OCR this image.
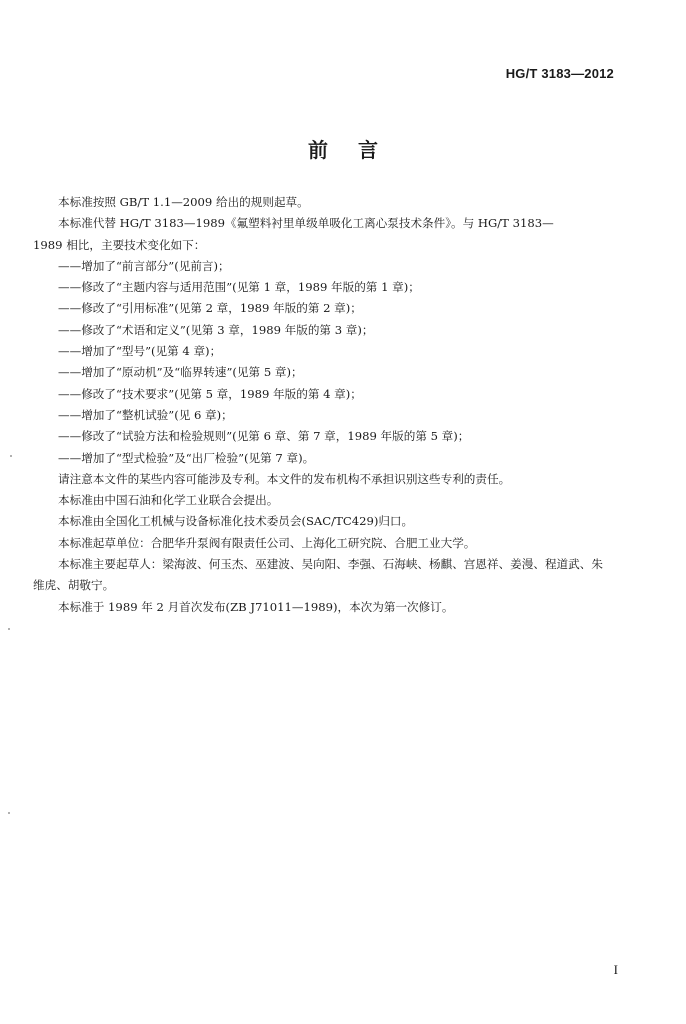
HG/T 3183—2012
前言

本标准按照 GB/T 1.1—2009 给出的规则起草。

本标准代替 HG/T 3183—1989《氟塑料衬里单级单吸化工离心泵技术条件》。与 HG/T 3183—

1989 相比，主要技术变化如下：

——增加了“前言部分”(见前言)；

——修改了“主题内容与适用范围”(见第 1 章，1989 年版的第 1 章)；

——修改了“引用标准”(见第 2 章，1989 年版的第 2 章)；

——修改了“术语和定义”(见第 3 章，1989 年版的第 3 章)；

——增加了“型号”(见第 4 章)；

——增加了“原动机”及“临界转速”(见第 5 章)；

——修改了“技术要求”(见第 5 章，1989 年版的第 4 章)；

——增加了“整机试验”(见 6 章)；

——修改了“试验方法和检验规则”(见第 6 章、第 7 章，1989 年版的第 5 章)；

——增加了“型式检验”及“出厂检验”(见第 7 章)。

请注意本文件的某些内容可能涉及专利。本文件的发布机构不承担识别这些专利的责任。

本标准由中国石油和化学工业联合会提出。

本标准由全国化工机械与设备标准化技术委员会(SAC/TC429)归口。

本标准起草单位：合肥华升泵阀有限责任公司、上海化工研究院、合肥工业大学。

本标准主要起草人：梁海波、何玉杰、巫建波、吴向阳、李强、石海峡、杨麒、宫恩祥、姜漫、程道武、朱

维虎、胡敬宁。

本标准于 1989 年 2 月首次发布(ZB J71011—1989)，本次为第一次修订。

I
